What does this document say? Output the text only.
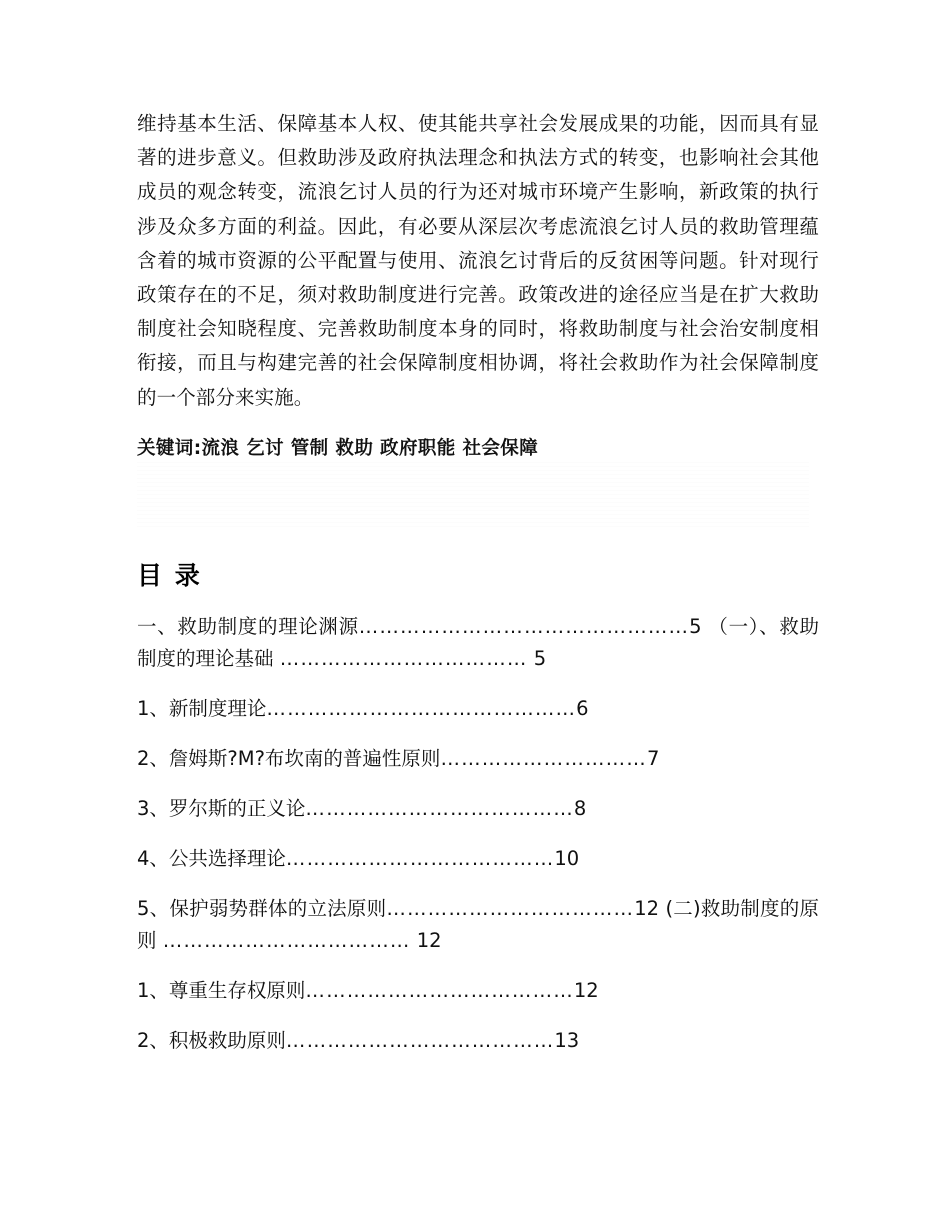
维持基本生活、保障基本人权、使其能共享社会发展成果的功能，因而具有显著的进步意义。但救助涉及政府执法理念和执法方式的转变，也影响社会其他成员的观念转变，流浪乞讨人员的行为还对城市环境产生影响，新政策的执行涉及众多方面的利益。因此，有必要从深层次考虑流浪乞讨人员的救助管理蕴含着的城市资源的公平配置与使用、流浪乞讨背后的反贫困等问题。针对现行政策存在的不足，须对救助制度进行完善。政策改进的途径应当是在扩大救助制度社会知晓程度、完善救助制度本身的同时，将救助制度与社会治安制度相衔接，而且与构建完善的社会保障制度相协调，将社会救助作为社会保障制度的一个部分来实施。

关键词:流浪 乞讨 管制 救助 政府职能 社会保障

目 录
一、救助制度的理论渊源…………………………………………5 （一）、救助制度的理论基础 ……………………………… 5
1、新制度理论………………………………………6
2、詹姆斯?M?布坎南的普遍性原则…………………………7
3、罗尔斯的正义论…………………………………8
4、公共选择理论…………………………………10
5、保护弱势群体的立法原则………………………………12 (二)救助制度的原则 ……………………………… 12
1、尊重生存权原则…………………………………12
2、积极救助原则…………………………………13
